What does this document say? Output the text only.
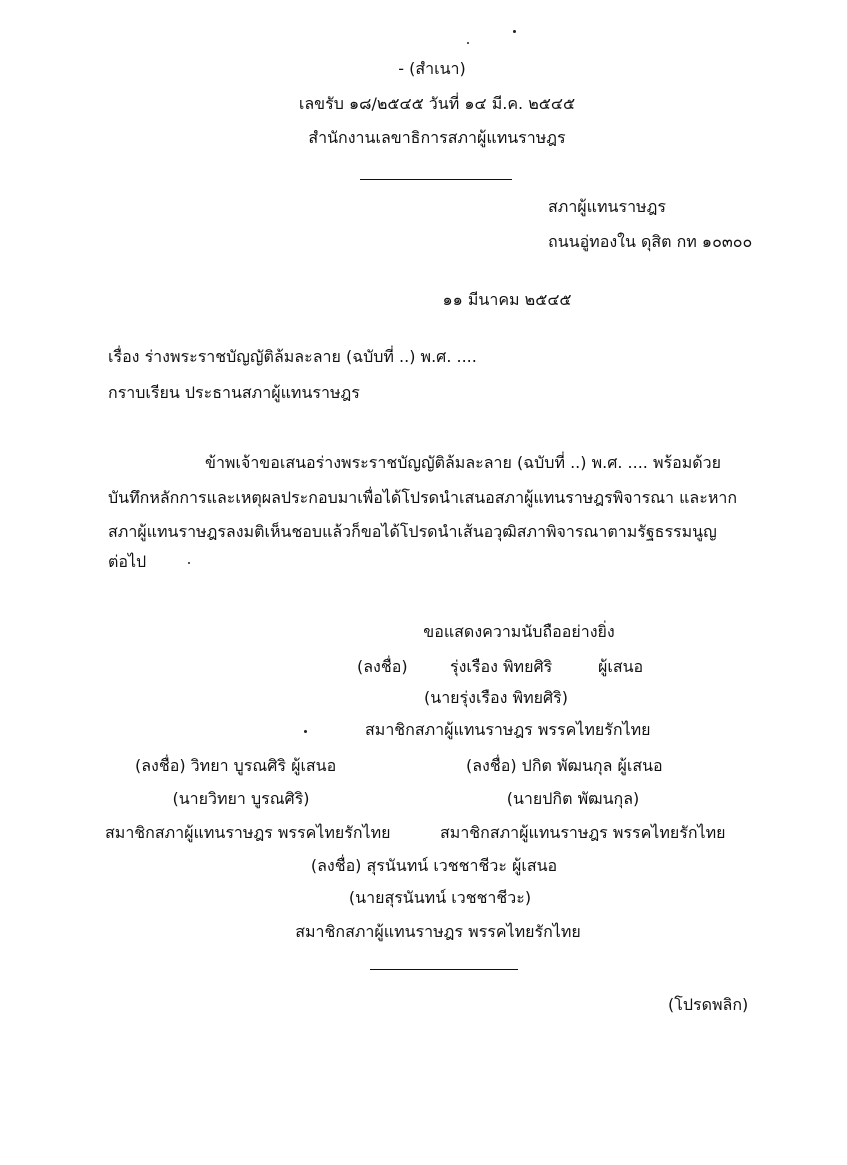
- (สำเนา)
เลขรับ ๑๘/๒๕๔๕ วันที่ ๑๔ มี.ค. ๒๕๔๕
สำนักงานเลขาธิการสภาผู้แทนราษฎร
สภาผู้แทนราษฎร
ถนนอู่ทองใน ดุสิต กท ๑๐๓๐๐
๑๑ มีนาคม ๒๕๔๕
เรื่อง ร่างพระราชบัญญัติล้มละลาย (ฉบับที่ ..) พ.ศ. ....
กราบเรียน ประธานสภาผู้แทนราษฎร
ข้าพเจ้าขอเสนอร่างพระราชบัญญัติล้มละลาย (ฉบับที่ ..) พ.ศ. .... พร้อมด้วย
บันทึกหลักการและเหตุผลประกอบมาเพื่อได้โปรดนำเสนอสภาผู้แทนราษฎรพิจารณา และหาก
สภาผู้แทนราษฎรลงมติเห็นชอบแล้วก็ขอได้โปรดนำเส้นอวุฒิสภาพิจารณาตามรัฐธรรมนูญ
ต่อไป
ขอแสดงความนับถืออย่างยิ่ง
(ลงชื่อ)	รุ่งเรือง พิทยศิริ	ผู้เสนอ
(นายรุ่งเรือง พิทยศิริ)
สมาชิกสภาผู้แทนราษฎร พรรคไทยรักไทย
(ลงชื่อ) วิทยา บูรณศิริ ผู้เสนอ
(นายวิทยา บูรณศิริ)
สมาชิกสภาผู้แทนราษฎร พรรคไทยรักไทย
(ลงชื่อ) ปกิต พัฒนกุล ผู้เสนอ
(นายปกิต พัฒนกุล)
สมาชิกสภาผู้แทนราษฎร พรรคไทยรักไทย
(ลงชื่อ) สุรนันทน์ เวชชาชีวะ ผู้เสนอ
(นายสุรนันทน์ เวชชาชีวะ)
สมาชิกสภาผู้แทนราษฎร พรรคไทยรักไทย
(โปรดพลิก)
